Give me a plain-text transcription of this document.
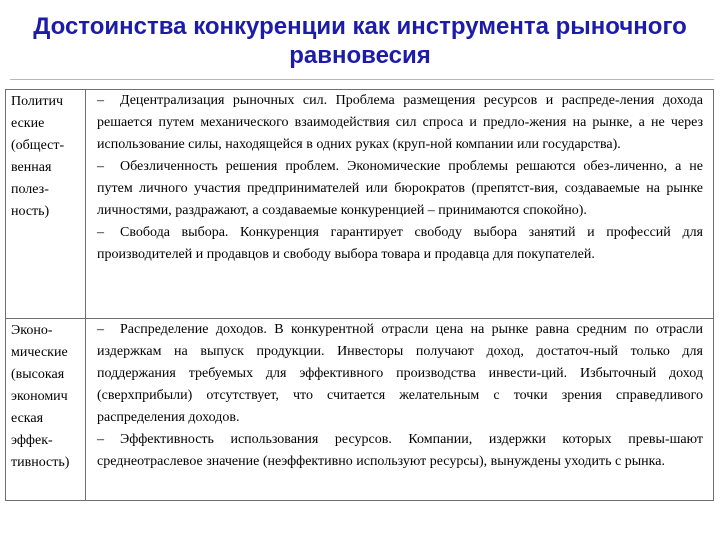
Достоинства конкуренции как инструмента рыночного равновесия
Политич еские (общест- венная полез- ность)	– Децентрализация рыночных сил. Проблема размещения ресурсов и распреде-ления дохода решается путем механического взаимодействия сил спроса и предло-жения на рынке, а не через использование силы, находящейся в одних руках (круп-ной компании или государства).
– Обезличенность решения проблем. Экономические проблемы решаются обез-личенно, а не путем личного участия предпринимателей или бюрократов (препятст-вия, создаваемые на рынке личностями, раздражают, а создаваемые конкуренцией – принимаются спокойно).
– Свобода выбора. Конкуренция гарантирует свободу выбора занятий и профессий для производителей и продавцов и свободу выбора товара и продавца для покупателей.

Эконо- мические (высокая экономич еская эффек- тивность)	– Распределение доходов. В конкурентной отрасли цена на рынке равна средним по отрасли издержкам на выпуск продукции. Инвесторы получают доход, достаточ-ный только для поддержания требуемых для эффективного производства инвести-ций. Избыточный доход (сверхприбыли) отсутствует, что считается желательным с точки зрения справедливого распределения доходов.
– Эффективность использования ресурсов. Компании, издержки которых превы-шают среднеотраслевое значение (неэффективно используют ресурсы), вынуждены уходить с рынка.
